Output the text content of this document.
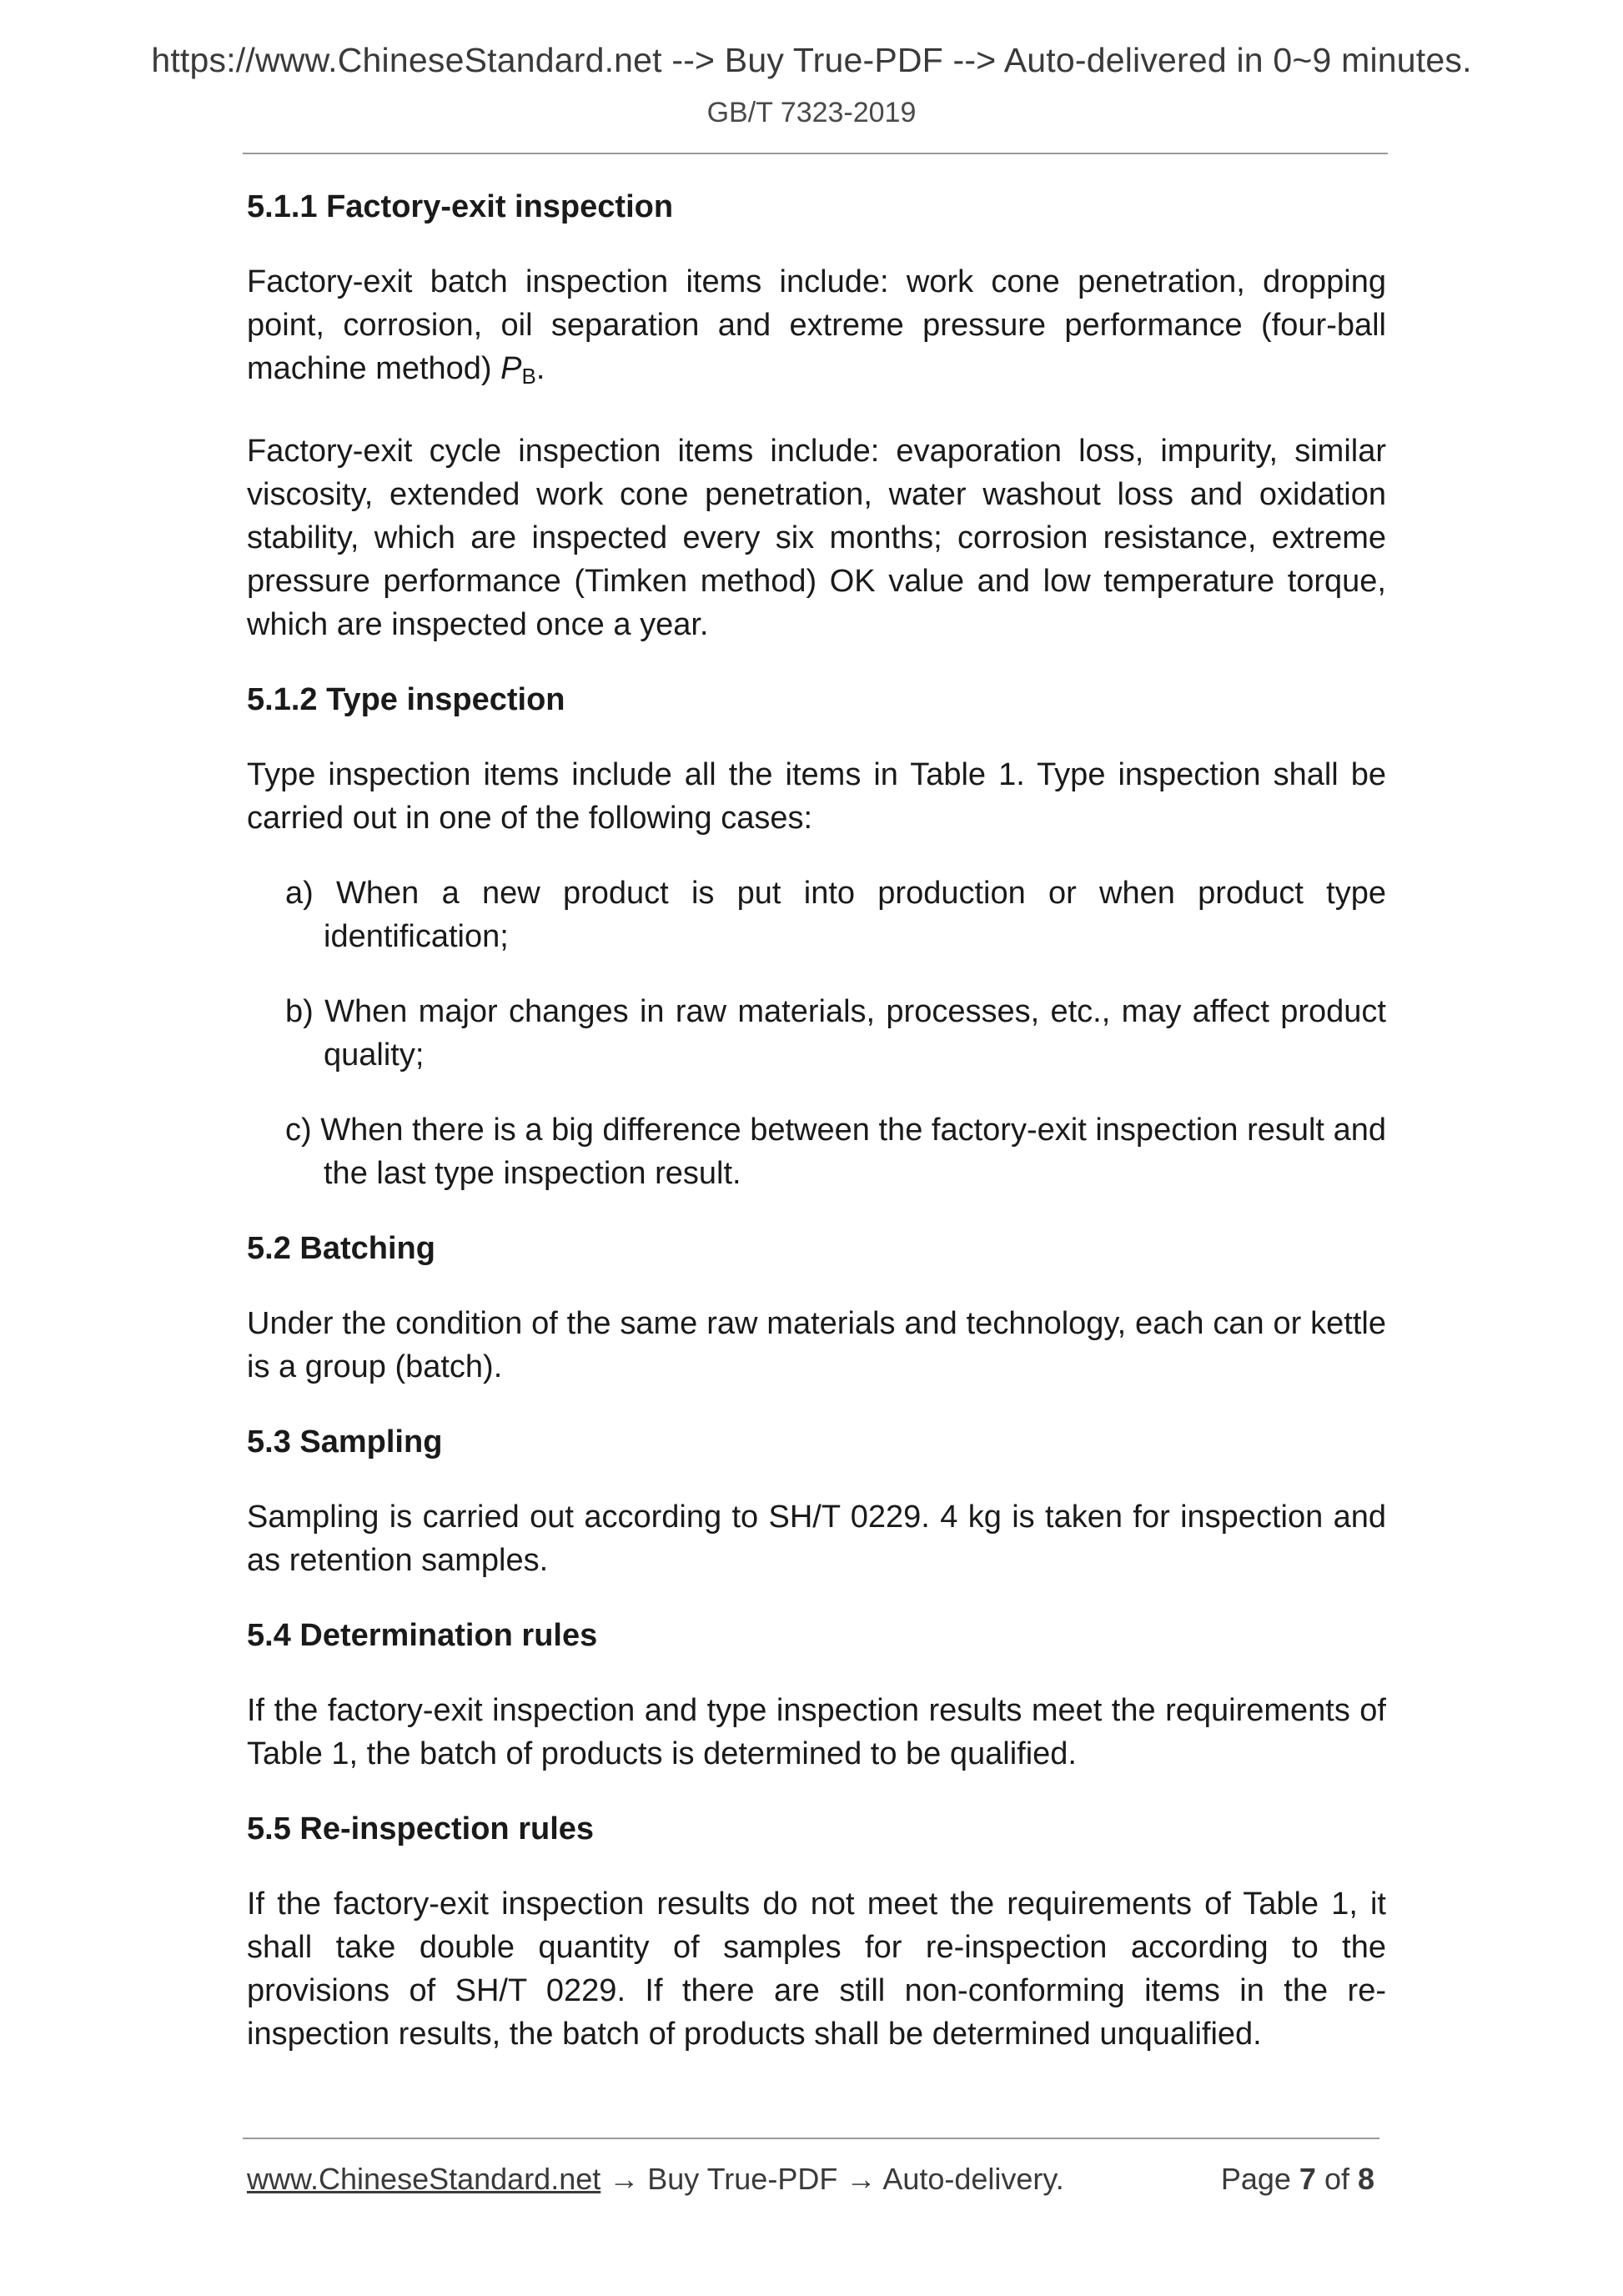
https://www.ChineseStandard.net --> Buy True-PDF --> Auto-delivered in 0~9 minutes.
GB/T 7323-2019
5.1.1 Factory-exit inspection
Factory-exit batch inspection items include: work cone penetration, dropping point, corrosion, oil separation and extreme pressure performance (four-ball machine method) $P_B$.
Factory-exit cycle inspection items include: evaporation loss, impurity, similar viscosity, extended work cone penetration, water washout loss and oxidation stability, which are inspected every six months; corrosion resistance, extreme pressure performance (Timken method) OK value and low temperature torque, which are inspected once a year.
5.1.2 Type inspection
Type inspection items include all the items in Table 1. Type inspection shall be carried out in one of the following cases:
a) When a new product is put into production or when product type identification;
b) When major changes in raw materials, processes, etc., may affect product quality;
c) When there is a big difference between the factory-exit inspection result and the last type inspection result.
5.2 Batching
Under the condition of the same raw materials and technology, each can or kettle is a group (batch).
5.3 Sampling
Sampling is carried out according to SH/T 0229. 4 kg is taken for inspection and as retention samples.
5.4 Determination rules
If the factory-exit inspection and type inspection results meet the requirements of Table 1, the batch of products is determined to be qualified.
5.5 Re-inspection rules
If the factory-exit inspection results do not meet the requirements of Table 1, it shall take double quantity of samples for re-inspection according to the provisions of SH/T 0229. If there are still non-conforming items in the re-inspection results, the batch of products shall be determined unqualified.
www.ChineseStandard.net → Buy True-PDF → Auto-delivery.	Page 7 of 8
